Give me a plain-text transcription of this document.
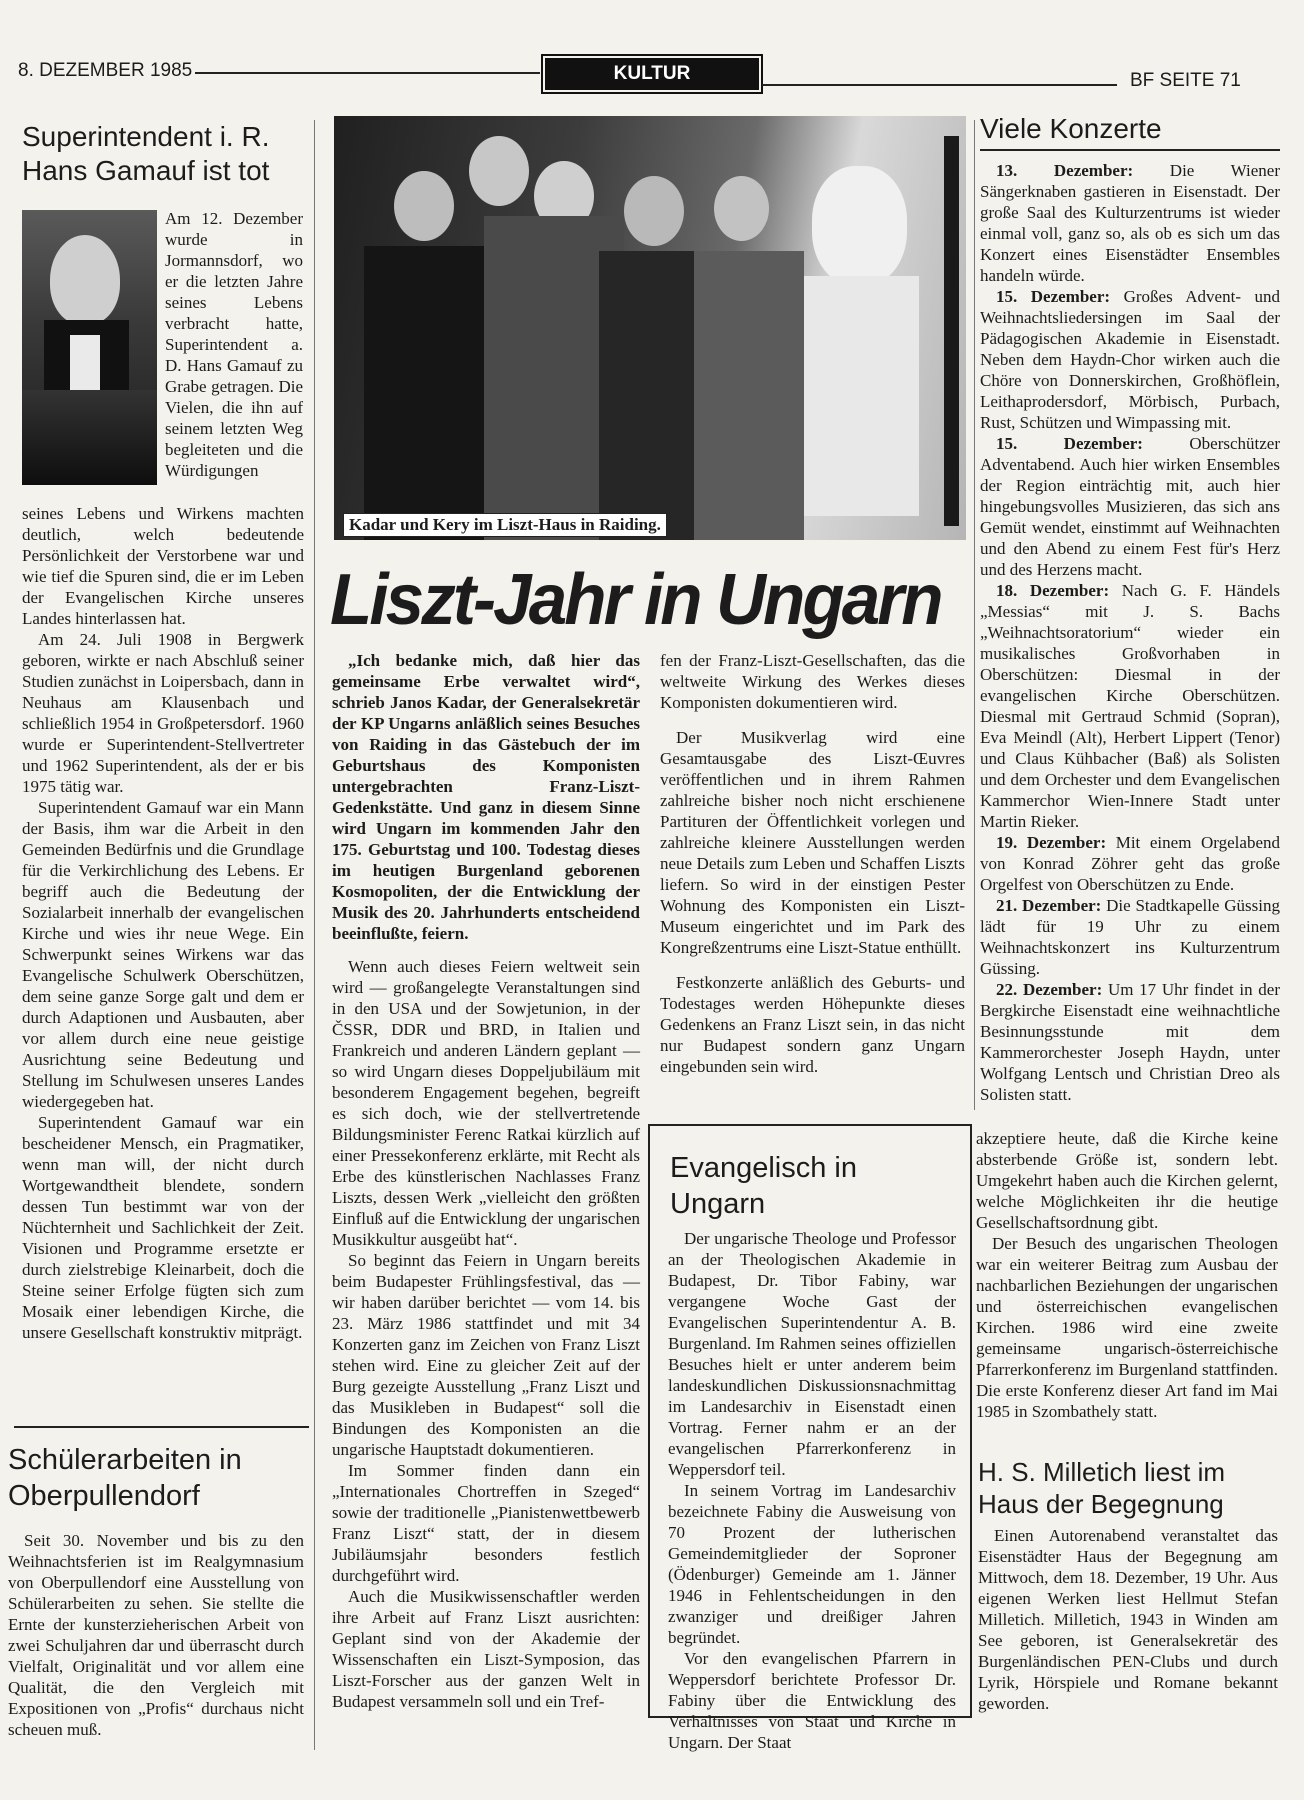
8. DEZEMBER 1985	KULTUR	BF SEITE 71
Superintendent i. R. Hans Gamauf ist tot
Am 12. Dezember wurde in Jormannsdorf, wo er die letzten Jahre seines Lebens verbracht hatte, Superintendent a. D. Hans Gamauf zu Grabe getragen. Die Vielen, die ihn auf seinem letzten Weg begleiteten und die Würdigungen

seines Lebens und Wirkens machten deutlich, welch bedeutende Persönlichkeit der Verstorbene war und wie tief die Spuren sind, die er im Leben der Evangelischen Kirche unseres Landes hinterlassen hat.

Am 24. Juli 1908 in Bergwerk geboren, wirkte er nach Abschluß seiner Studien zunächst in Loipersbach, dann in Neuhaus am Klausenbach und schließlich 1954 in Großpetersdorf. 1960 wurde er Superintendent-Stellvertreter und 1962 Superintendent, als der er bis 1975 tätig war.

Superintendent Gamauf war ein Mann der Basis, ihm war die Arbeit in den Gemeinden Bedürfnis und die Grundlage für die Verkirchlichung des Lebens. Er begriff auch die Bedeutung der Sozialarbeit innerhalb der evangelischen Kirche und wies ihr neue Wege. Ein Schwerpunkt seines Wirkens war das Evangelische Schulwerk Oberschützen, dem seine ganze Sorge galt und dem er durch Adaptionen und Ausbauten, aber vor allem durch eine neue geistige Ausrichtung seine Bedeutung und Stellung im Schulwesen unseres Landes wiedergegeben hat.

Superintendent Gamauf war ein bescheidener Mensch, ein Pragmatiker, wenn man will, der nicht durch Wortgewandtheit blendete, sondern dessen Tun bestimmt war von der Nüchternheit und Sachlichkeit der Zeit. Visionen und Programme ersetzte er durch zielstrebige Kleinarbeit, doch die Steine seiner Erfolge fügten sich zum Mosaik einer lebendigen Kirche, die unsere Gesellschaft konstruktiv mitprägt.

Schülerarbeiten in Oberpullendorf

Seit 30. November und bis zu den Weihnachtsferien ist im Realgymnasium von Oberpullendorf eine Ausstellung von Schülerarbeiten zu sehen. Sie stellte die Ernte der kunsterzieherischen Arbeit von zwei Schuljahren dar und überrascht durch Vielfalt, Originalität und vor allem eine Qualität, die den Vergleich mit Expositionen von „Profis“ durchaus nicht scheuen muß.

Kadar und Kery im Liszt-Haus in Raiding.
Liszt-Jahr in Ungarn

„Ich bedanke mich, daß hier das gemeinsame Erbe verwaltet wird“, schrieb Janos Kadar, der Generalsekretär der KP Ungarns anläßlich seines Besuches von Raiding in das Gästebuch der im Geburtshaus des Komponisten untergebrachten Franz-Liszt-Gedenkstätte. Und ganz in diesem Sinne wird Ungarn im kommenden Jahr den 175. Geburtstag und 100. Todestag dieses im heutigen Burgenland geborenen Kosmopoliten, der die Entwicklung der Musik des 20. Jahrhunderts entscheidend beeinflußte, feiern.

Wenn auch dieses Feiern weltweit sein wird — großangelegte Veranstaltungen sind in den USA und der Sowjetunion, in der ČSSR, DDR und BRD, in Italien und Frankreich und anderen Ländern geplant — so wird Ungarn dieses Doppeljubiläum mit besonderem Engagement begehen, begreift es sich doch, wie der stellvertretende Bildungsminister Ferenc Ratkai kürzlich auf einer Pressekonferenz erklärte, mit Recht als Erbe des künstlerischen Nachlasses Franz Liszts, dessen Werk „vielleicht den größten Einfluß auf die Entwicklung der ungarischen Musikkultur ausgeübt hat“.

So beginnt das Feiern in Ungarn bereits beim Budapester Frühlingsfestival, das — wir haben darüber berichtet — vom 14. bis 23. März 1986 stattfindet und mit 34 Konzerten ganz im Zeichen von Franz Liszt stehen wird. Eine zu gleicher Zeit auf der Burg gezeigte Ausstellung „Franz Liszt und das Musikleben in Budapest“ soll die Bindungen des Komponisten an die ungarische Hauptstadt dokumentieren.

Im Sommer finden dann ein „Internationales Chortreffen in Szeged“ sowie der traditionelle „Pianistenwettbewerb Franz Liszt“ statt, der in diesem Jubiläumsjahr besonders festlich durchgeführt wird.

Auch die Musikwissenschaftler werden ihre Arbeit auf Franz Liszt ausrichten: Geplant sind von der Akademie der Wissenschaften ein Liszt-Symposion, das Liszt-Forscher aus der ganzen Welt in Budapest versammeln soll und ein Tref-

fen der Franz-Liszt-Gesellschaften, das die weltweite Wirkung des Werkes dieses Komponisten dokumentieren wird.

Der Musikverlag wird eine Gesamtausgabe des Liszt-Œuvres veröffentlichen und in ihrem Rahmen zahlreiche bisher noch nicht erschienene Partituren der Öffentlichkeit vorlegen und zahlreiche kleinere Ausstellungen werden neue Details zum Leben und Schaffen Liszts liefern. So wird in der einstigen Pester Wohnung des Komponisten ein Liszt-Museum eingerichtet und im Park des Kongreßzentrums eine Liszt-Statue enthüllt.

Festkonzerte anläßlich des Geburts- und Todestages werden Höhepunkte dieses Gedenkens an Franz Liszt sein, in das nicht nur Budapest sondern ganz Ungarn eingebunden sein wird.

Viele Konzerte

13. Dezember: Die Wiener Sängerknaben gastieren in Eisenstadt. Der große Saal des Kulturzentrums ist wieder einmal voll, ganz so, als ob es sich um das Konzert eines Eisenstädter Ensembles handeln würde.

15. Dezember: Großes Advent- und Weihnachtsliedersingen im Saal der Pädagogischen Akademie in Eisenstadt. Neben dem Haydn-Chor wirken auch die Chöre von Donnerskirchen, Großhöflein, Leithaprodersdorf, Mörbisch, Purbach, Rust, Schützen und Wimpassing mit.

15. Dezember: Oberschützer Adventabend. Auch hier wirken Ensembles der Region einträchtig mit, auch hier hingebungsvolles Musizieren, das sich ans Gemüt wendet, einstimmt auf Weihnachten und den Abend zu einem Fest für's Herz und des Herzens macht.

18. Dezember: Nach G. F. Händels „Messias“ mit J. S. Bachs „Weihnachtsoratorium“ wieder ein musikalisches Großvorhaben in Oberschützen: Diesmal in der evangelischen Kirche Oberschützen. Diesmal mit Gertraud Schmid (Sopran), Eva Meindl (Alt), Herbert Lippert (Tenor) und Claus Kühbacher (Baß) als Solisten und dem Orchester und dem Evangelischen Kammerchor Wien-Innere Stadt unter Martin Rieker.

19. Dezember: Mit einem Orgelabend von Konrad Zöhrer geht das große Orgelfest von Oberschützen zu Ende.

21. Dezember: Die Stadtkapelle Güssing lädt für 19 Uhr zu einem Weihnachtskonzert ins Kulturzentrum Güssing.

22. Dezember: Um 17 Uhr findet in der Bergkirche Eisenstadt eine weihnachtliche Besinnungsstunde mit dem Kammerorchester Joseph Haydn, unter Wolfgang Lentsch und Christian Dreo als Solisten statt.

Evangelisch in Ungarn

Der ungarische Theologe und Professor an der Theologischen Akademie in Budapest, Dr. Tibor Fabiny, war vergangene Woche Gast der Evangelischen Superintendentur A. B. Burgenland. Im Rahmen seines offiziellen Besuches hielt er unter anderem beim landeskundlichen Diskussionsnachmittag im Landesarchiv in Eisenstadt einen Vortrag. Ferner nahm er an der evangelischen Pfarrerkonferenz in Weppersdorf teil.

In seinem Vortrag im Landesarchiv bezeichnete Fabiny die Ausweisung von 70 Prozent der lutherischen Gemeindemitglieder der Soproner (Ödenburger) Gemeinde am 1. Jänner 1946 in Fehlentscheidungen in den zwanziger und dreißiger Jahren begründet.

Vor den evangelischen Pfarrern in Weppersdorf berichtete Professor Dr. Fabiny über die Entwicklung des Verhältnisses von Staat und Kirche in Ungarn. Der Staat

akzeptiere heute, daß die Kirche keine absterbende Größe ist, sondern lebt. Umgekehrt haben auch die Kirchen gelernt, welche Möglichkeiten ihr die heutige Gesellschaftsordnung gibt.

Der Besuch des ungarischen Theologen war ein weiterer Beitrag zum Ausbau der nachbarlichen Beziehungen der ungarischen und österreichischen evangelischen Kirchen. 1986 wird eine zweite gemeinsame ungarisch-österreichische Pfarrerkonferenz im Burgenland stattfinden. Die erste Konferenz dieser Art fand im Mai 1985 in Szombathely statt.

H. S. Milletich liest im Haus der Begegnung

Einen Autorenabend veranstaltet das Eisenstädter Haus der Begegnung am Mittwoch, dem 18. Dezember, 19 Uhr. Aus eigenen Werken liest Hellmut Stefan Milletich. Milletich, 1943 in Winden am See geboren, ist Generalsekretär des Burgenländischen PEN-Clubs und durch Lyrik, Hörspiele und Romane bekannt geworden.
